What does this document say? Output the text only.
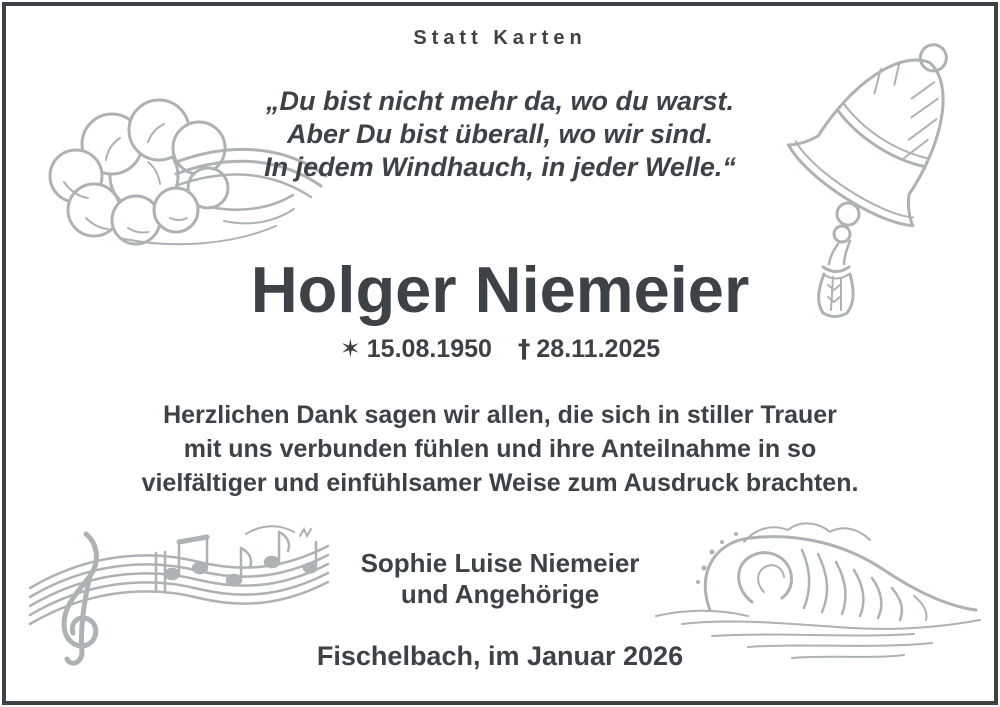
Statt Karten
„Du bist nicht mehr da, wo du warst.
Aber Du bist überall, wo wir sind.
In jedem Windhauch, in jeder Welle.“
Holger Niemeier
✶ 15.08.1950 † 28.11.2025
Herzlichen Dank sagen wir allen, die sich in stiller Trauer
mit uns verbunden fühlen und ihre Anteilnahme in so
vielfältiger und einfühlsamer Weise zum Ausdruck brachten.
Sophie Luise Niemeier
und Angehörige
Fischelbach, im Januar 2026
